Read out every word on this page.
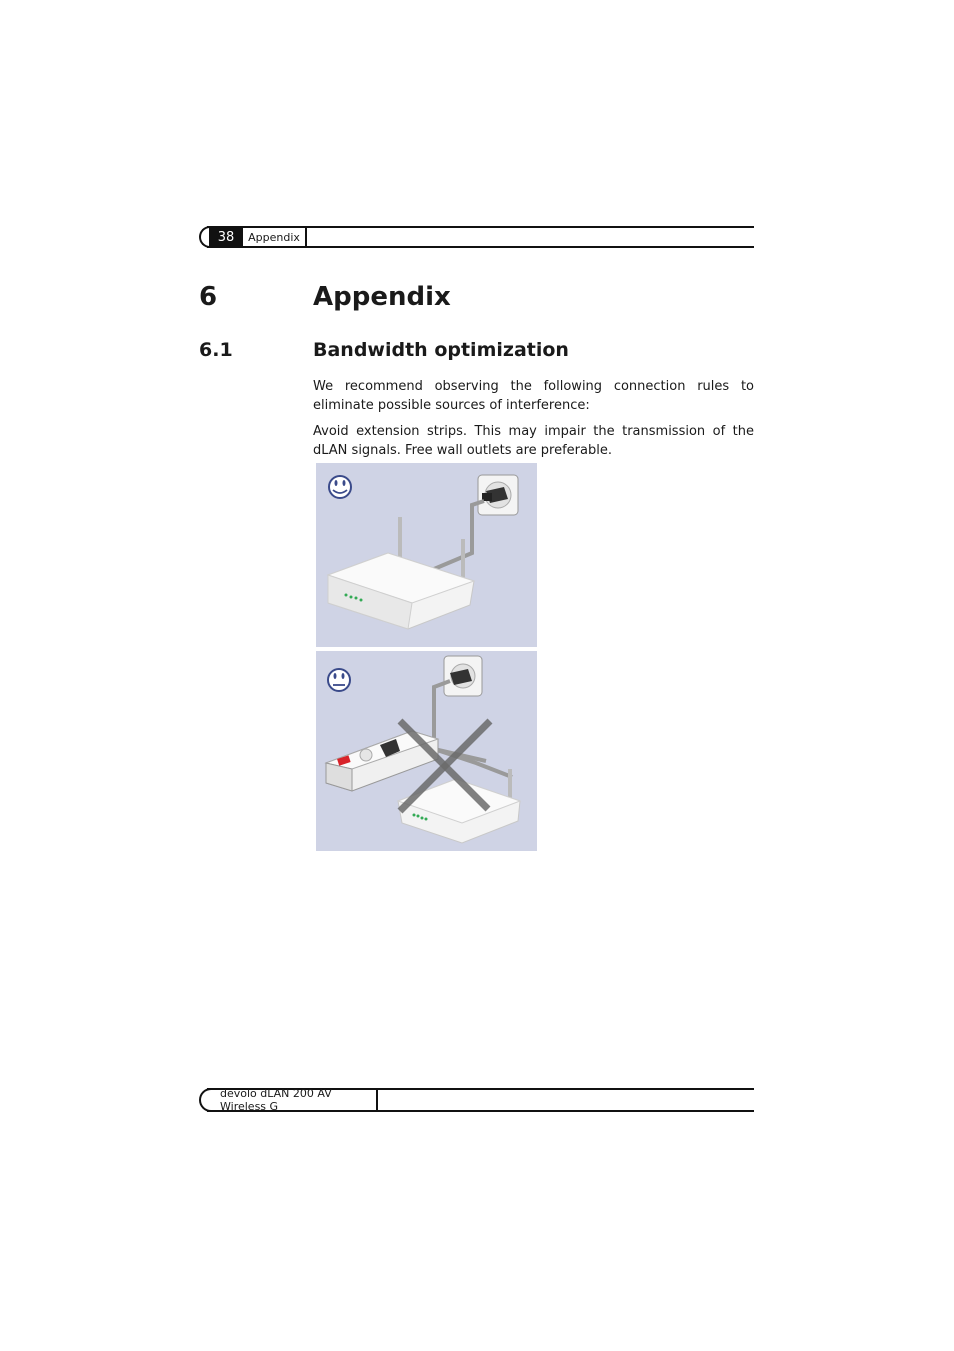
38	Appendix
6	Appendix
6.1	Bandwidth optimization

We recommend observing the following connection rules to eliminate possible sources of interference:

Avoid extension strips. This may impair the transmission of the dLAN signals. Free wall outlets are preferable.

devolo dLAN 200 AV Wireless G
